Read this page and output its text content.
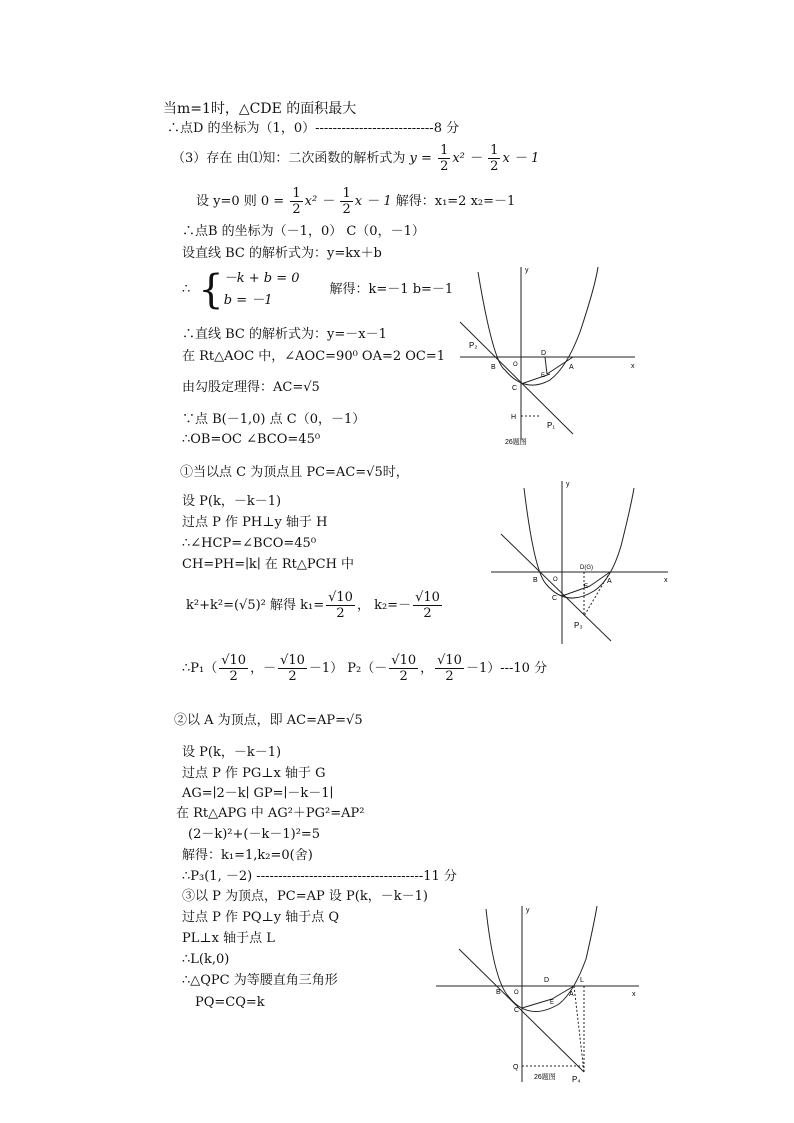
当m=1时，△CDE 的面积最大
∴点D 的坐标为（1，0）---------------------------8 分
（3）存在 由⑴知：二次函数的解析式为 $y = \frac{1}{2} x^2 - \frac{1}{2}$ x － 1
设 y=0 则 $0 = \frac{1}{2} x^2 - \frac{1}{2}$ x － 1 解得：x₁=2 x₂=－1
∴点B 的坐标为（－1，0） C（0，－1）
设直线 BC 的解析式为：y=kx＋b
∴ { －k + b = 0
b = －1
解得：k=－1 b=－1
∴直线 BC 的解析式为：y=－x－1
在 Rt△AOC 中，∠AOC=90⁰ OA=2 OC=1
由勾股定理得：AC=√5
∵点 B(－1,0) 点 C（0，－1）
∴OB=OC ∠BCO=45⁰
①当以点 C 为顶点且 PC=AC=√5时，
设 P(k，－k－1)
过点 P 作 PH⊥y 轴于 H
∴∠HCP=∠BCO=45⁰
CH=PH=∣k∣ 在 Rt△PCH 中
k²+k²=(√5)² 解得 $k_1= \frac{√10}{2}$ ， $k_2=- \frac{√10}{2}$
∴P₁（ $\frac{√10}{2}$ ，－ $\frac{√10}{2} -1$） $P_2(- \frac{√10}{2}$ ， $\frac{√10}{2} -1)---10$ 分
②以 A 为顶点，即 AC=AP=√5
设 P(k，－k－1)
过点 P 作 PG⊥x 轴于 G
AG=∣2－k∣ GP=∣－k－1∣
在 Rt△APG 中 AG²＋PG²=AP²
(2－k)²+(－k－1)²=5
解得：k₁=1,k₂=0(舍)
∴P₃(1, －2) --------------------------------------11 分
③以 P 为顶点，PC=AP 设 P(k，－k－1)
过点 P 作 PQ⊥y 轴于点 Q
PL⊥x 轴于点 L
∴L(k,0)
∴△QPC 为等腰直角三角形
PQ=CQ=k
y
x
P₂
O
B
D
E
A
C
H
P₁
26题图
y
x
O
B
D(G)
E
A
C
P₃
y
x
O
B
D
E
A
L
C
Q
26题图 P₄
